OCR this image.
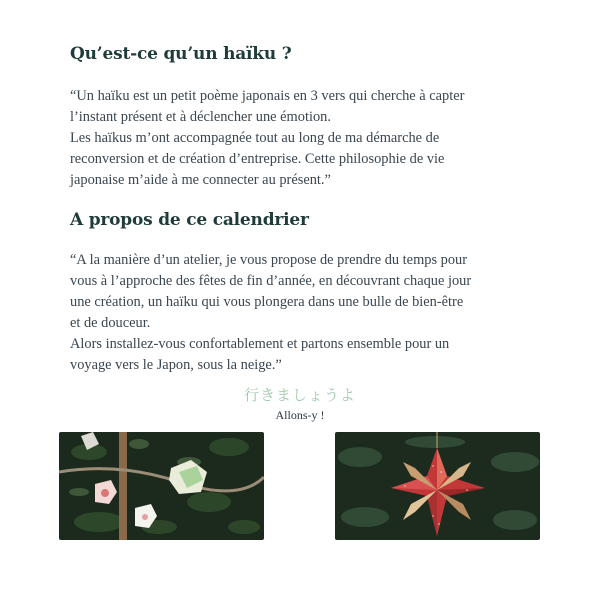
Qu’est-ce qu’un haïku ?
“Un haïku est un petit poème japonais en 3 vers qui cherche à capter
l’instant présent et à déclencher une émotion.
Les haïkus m’ont accompagnée tout au long de ma démarche de
reconversion et de création d’entreprise. Cette philosophie de vie
japonaise m’aide à me connecter au présent.”
A propos de ce calendrier
“A la manière d’un atelier, je vous propose de prendre du temps pour
vous à l’approche des fêtes de fin d’année, en découvrant chaque jour
une création, un haïku qui vous plongera dans une bulle de bien-être
et de douceur.
Alors installez-vous confortablement et partons ensemble pour un
voyage vers le Japon, sous la neige.”
行きましょうよ
Allons-y !
